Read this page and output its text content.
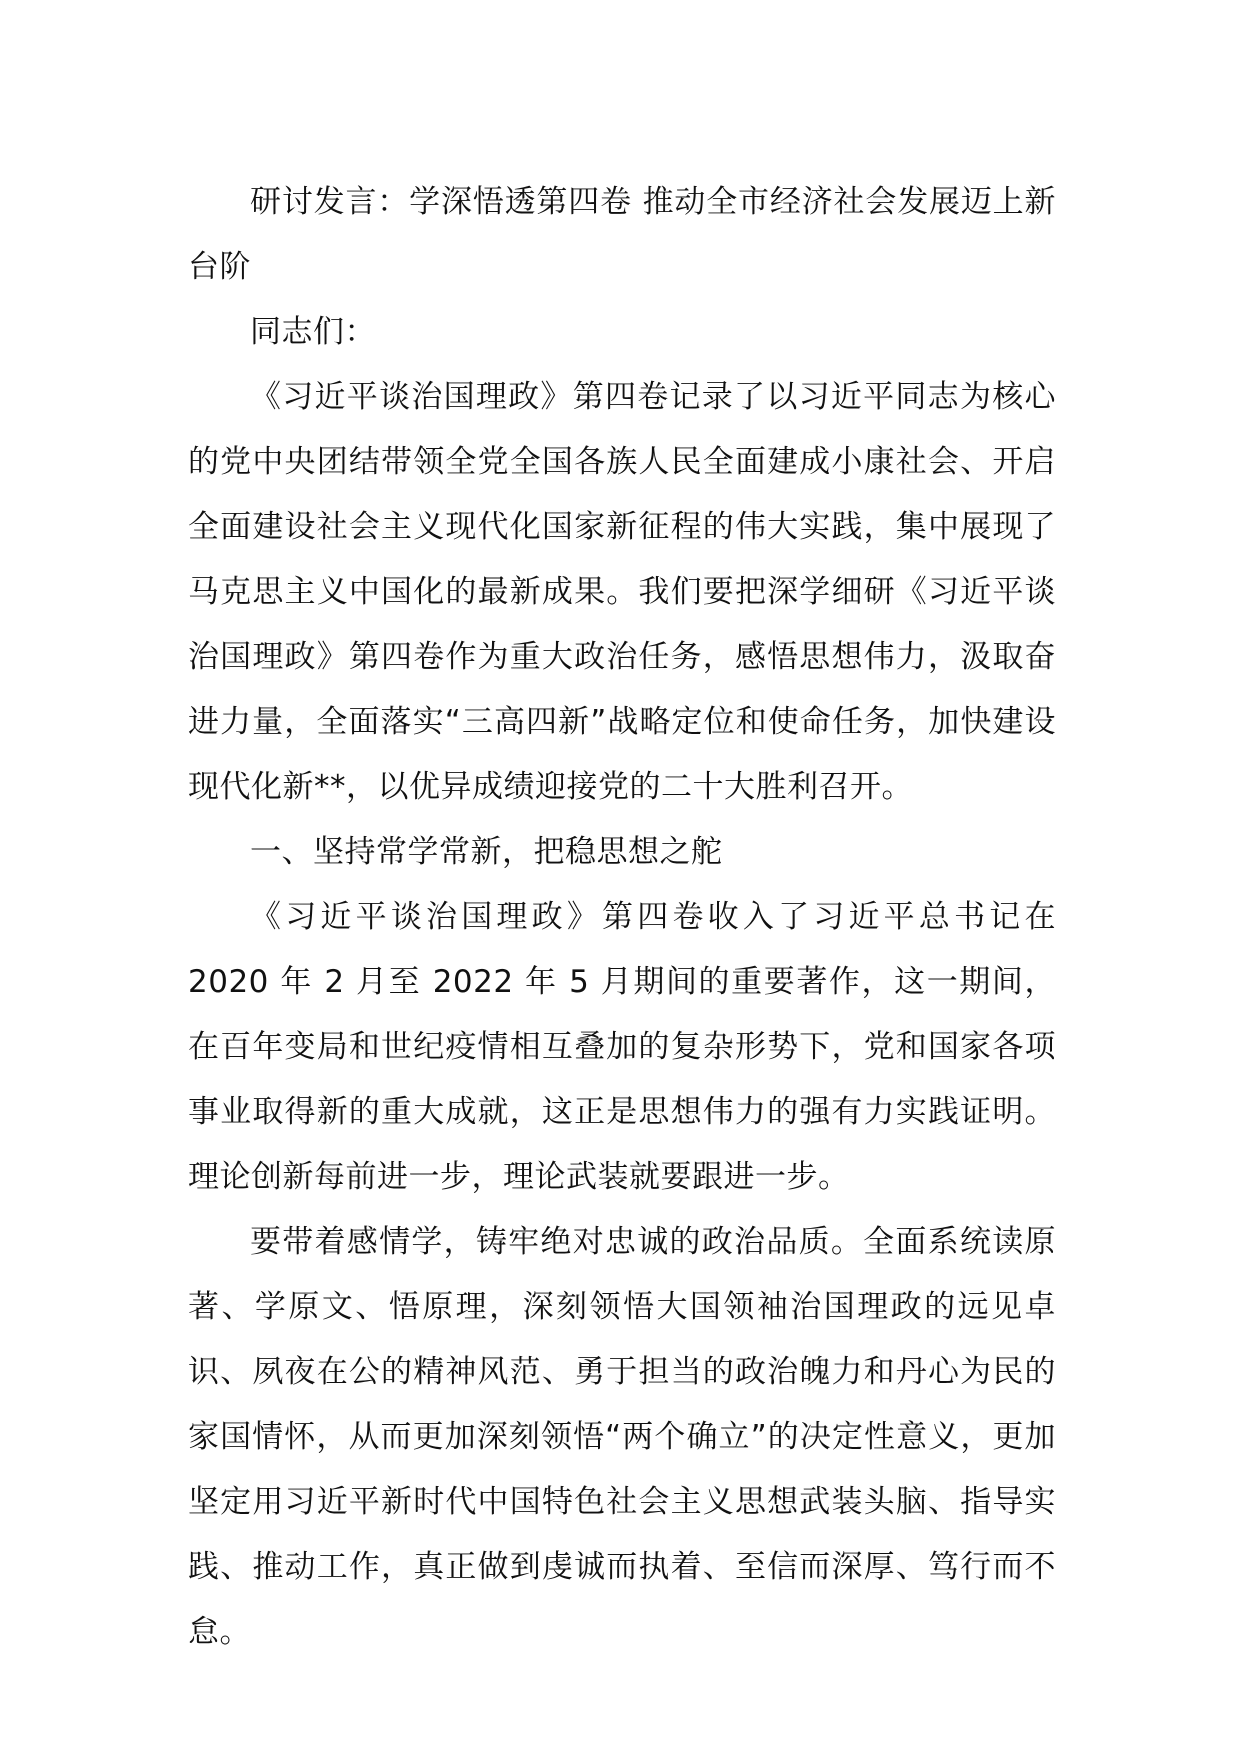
研讨发言：学深悟透第四卷 推动全市经济社会发展迈上新台阶

同志们：

《习近平谈治国理政》第四卷记录了以习近平同志为核心的党中央团结带领全党全国各族人民全面建成小康社会、开启全面建设社会主义现代化国家新征程的伟大实践，集中展现了马克思主义中国化的最新成果。我们要把深学细研《习近平谈治国理政》第四卷作为重大政治任务，感悟思想伟力，汲取奋进力量，全面落实“三高四新”战略定位和使命任务，加快建设现代化新**，以优异成绩迎接党的二十大胜利召开。

一、坚持常学常新，把稳思想之舵

《习近平谈治国理政》第四卷收入了习近平总书记在 2020 年 2 月至 2022 年 5 月期间的重要著作，这一期间，在百年变局和世纪疫情相互叠加的复杂形势下，党和国家各项事业取得新的重大成就，这正是思想伟力的强有力实践证明。理论创新每前进一步，理论武装就要跟进一步。

要带着感情学，铸牢绝对忠诚的政治品质。全面系统读原著、学原文、悟原理，深刻领悟大国领袖治国理政的远见卓识、夙夜在公的精神风范、勇于担当的政治魄力和丹心为民的家国情怀，从而更加深刻领悟“两个确立”的决定性意义，更加坚定用习近平新时代中国特色社会主义思想武装头脑、指导实践、推动工作，真正做到虔诚而执着、至信而深厚、笃行而不怠。
